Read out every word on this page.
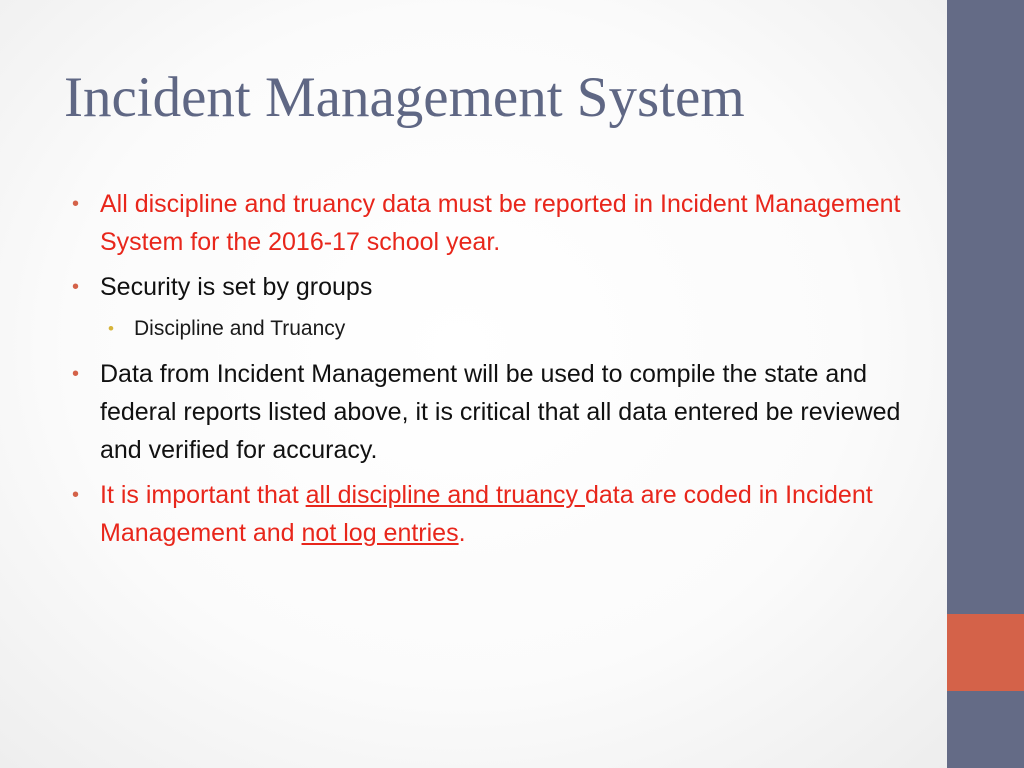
Incident Management System
• All discipline and truancy data must be reported in Incident Management System for the 2016-17 school year.
• Security is set by groups
• Discipline and Truancy
• Data from Incident Management will be used to compile the state and federal reports listed above, it is critical that all data entered be reviewed and verified for accuracy.
• It is important that all discipline and truancy data are coded in Incident Management and not log entries.
